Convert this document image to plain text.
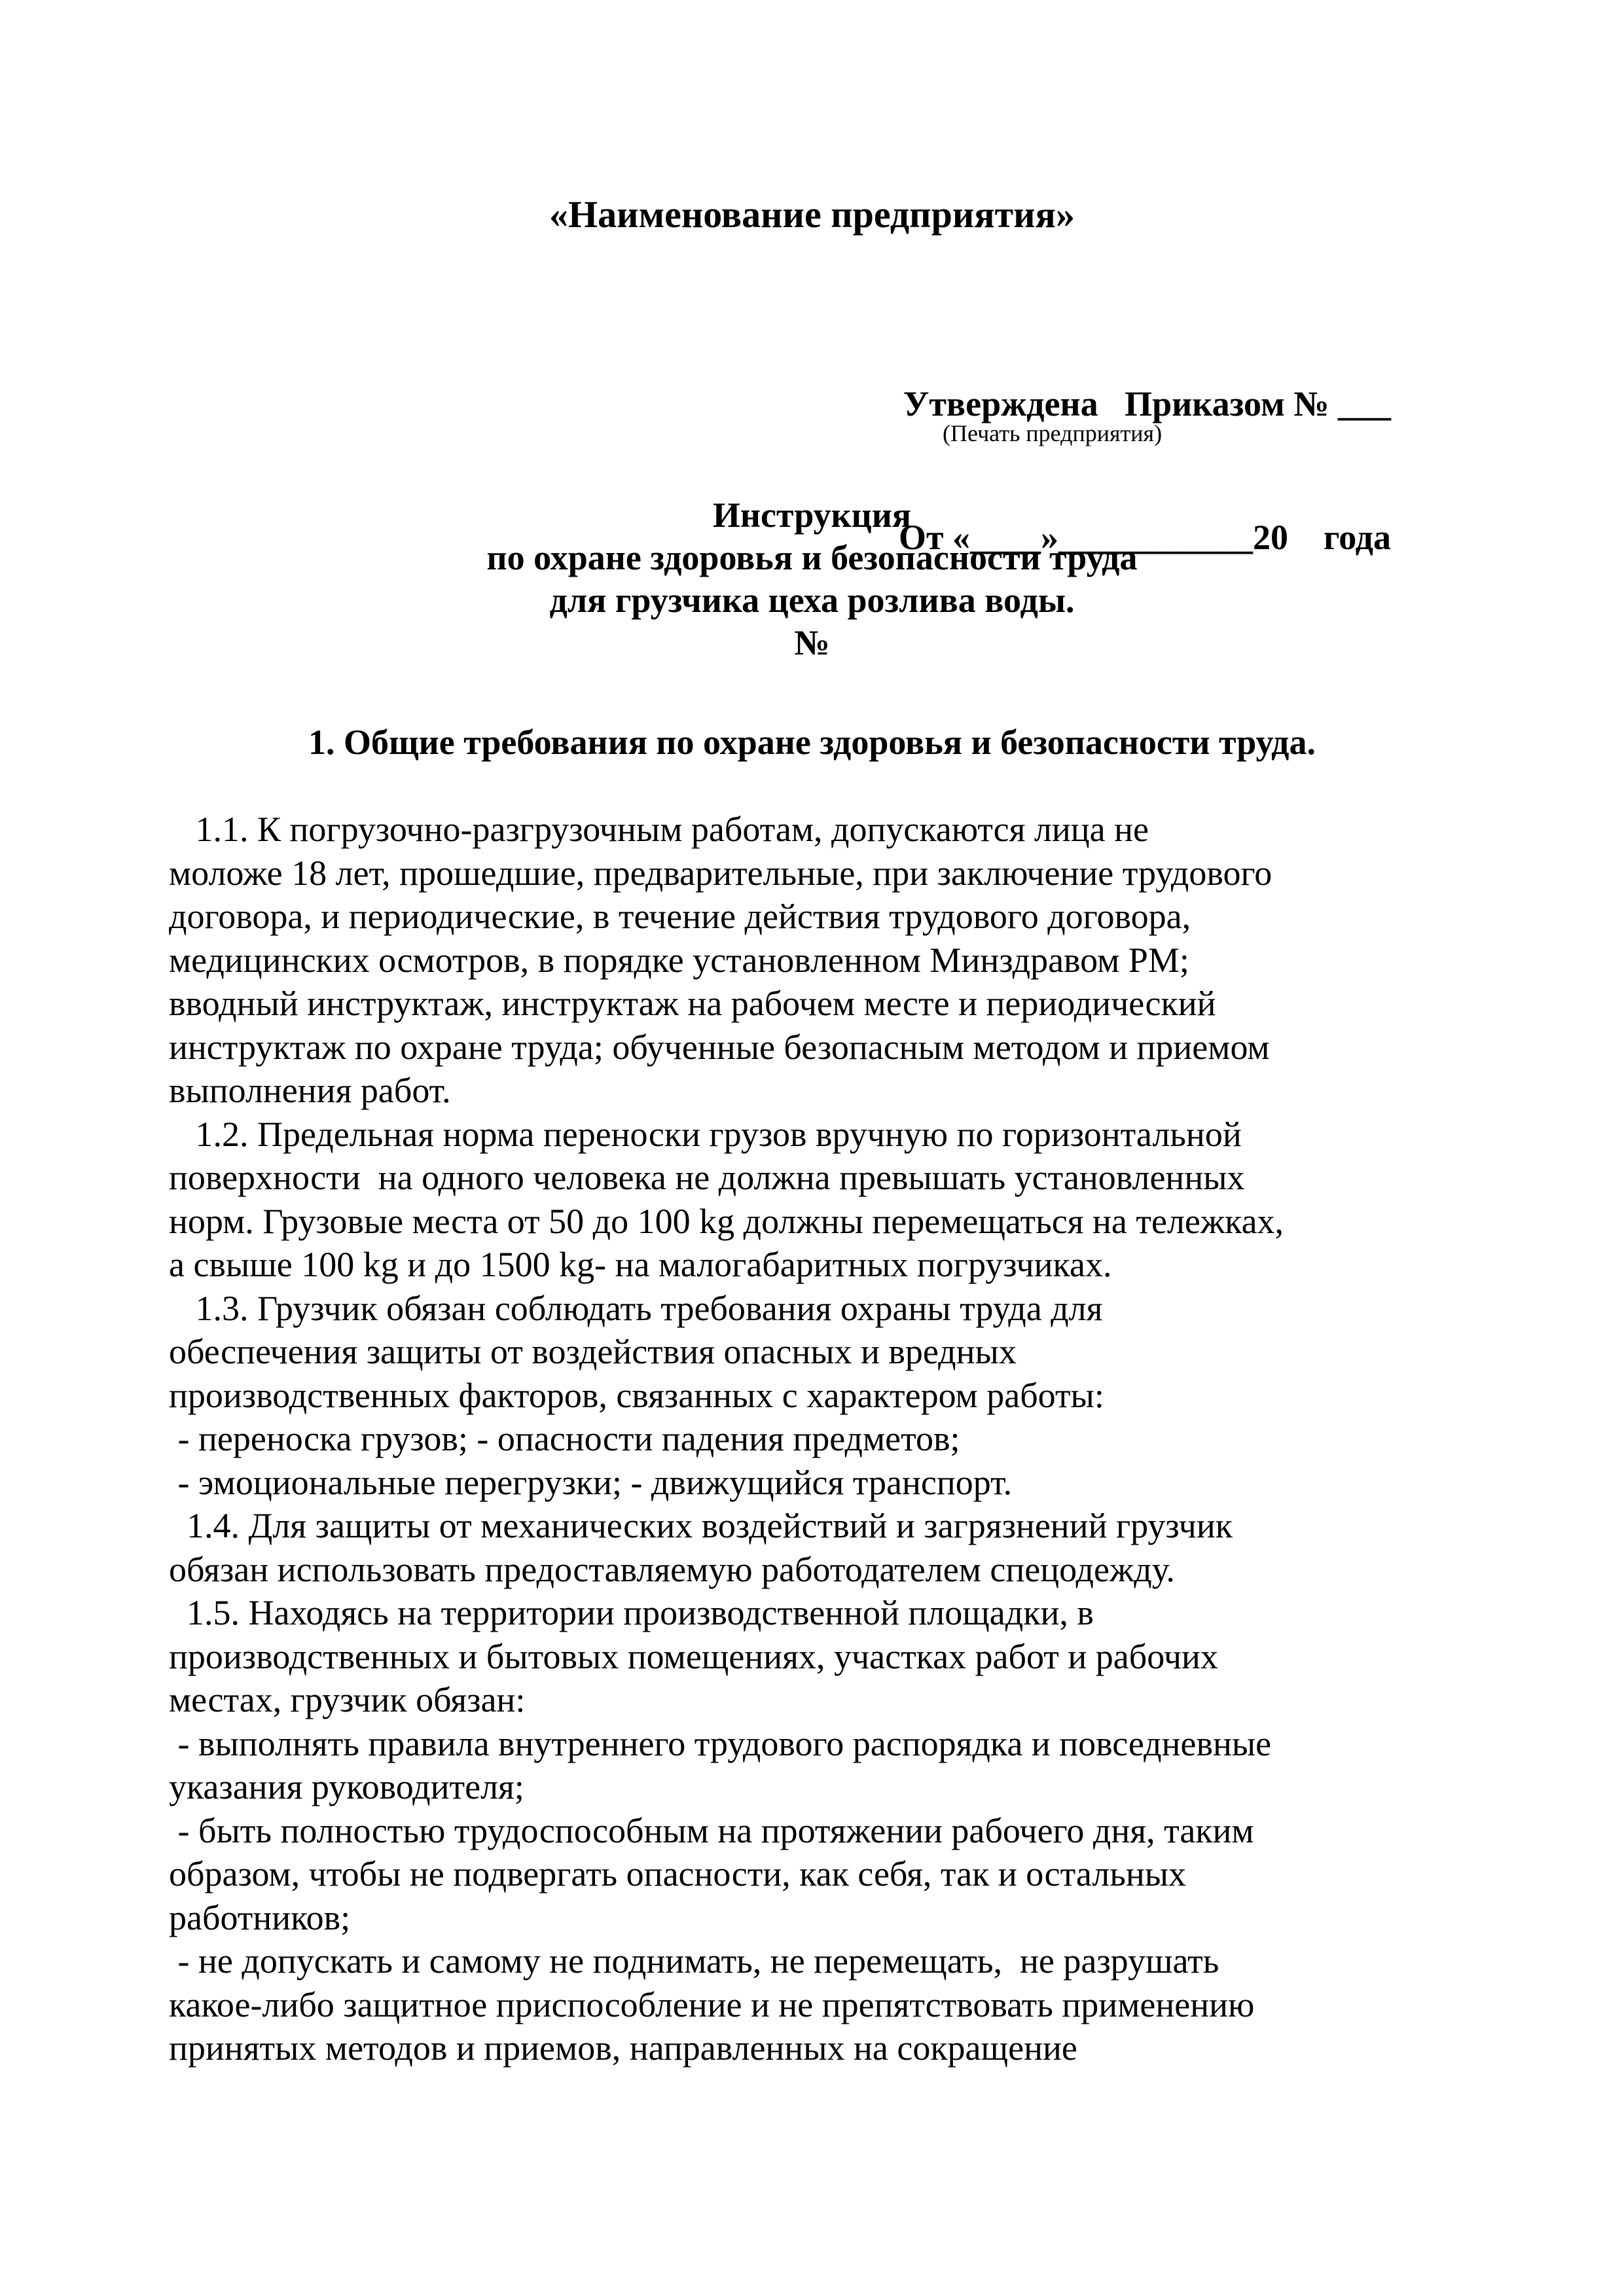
«Наименование предприятия»

Утверждена   Приказом № ___

От «____»___________20    года

(Печать предприятия)
Инструкция
по охране здоровья и безопасности труда
для грузчика цеха розлива воды.
№
1. Общие требования по охране здоровья и безопасности труда.
1.1. К погрузочно-разгрузочным работам, допускаются лица не
моложе 18 лет, прошедшие, предварительные, при заключение трудового
договора, и периодические, в течение действия трудового договора,
медицинских осмотров, в порядке установленном Минздравом РМ;
вводный инструктаж, инструктаж на рабочем месте и периодический
инструктаж по охране труда; обученные безопасным методом и приемом
выполнения работ.
1.2. Предельная норма переноски грузов вручную по горизонтальной
поверхности  на одного человека не должна превышать установленных
норм. Грузовые места от 50 до 100 kg должны перемещаться на тележках,
а свыше 100 kg и до 1500 kg- на малогабаритных погрузчиках.
1.3. Грузчик обязан соблюдать требования охраны труда для
обеспечения защиты от воздействия опасных и вредных
производственных факторов, связанных с характером работы:
- переноска грузов; - опасности падения предметов;
- эмоциональные перегрузки; - движущийся транспорт.
1.4. Для защиты от механических воздействий и загрязнений грузчик
обязан использовать предоставляемую работодателем спецодежду.
1.5. Находясь на территории производственной площадки, в
производственных и бытовых помещениях, участках работ и рабочих
местах, грузчик обязан:
- выполнять правила внутреннего трудового распорядка и повседневные
указания руководителя;
- быть полностью трудоспособным на протяжении рабочего дня, таким
образом, чтобы не подвергать опасности, как себя, так и остальных
работников;
- не допускать и самому не поднимать, не перемещать,  не разрушать
какое-либо защитное приспособление и не препятствовать применению
принятых методов и приемов, направленных на сокращение
